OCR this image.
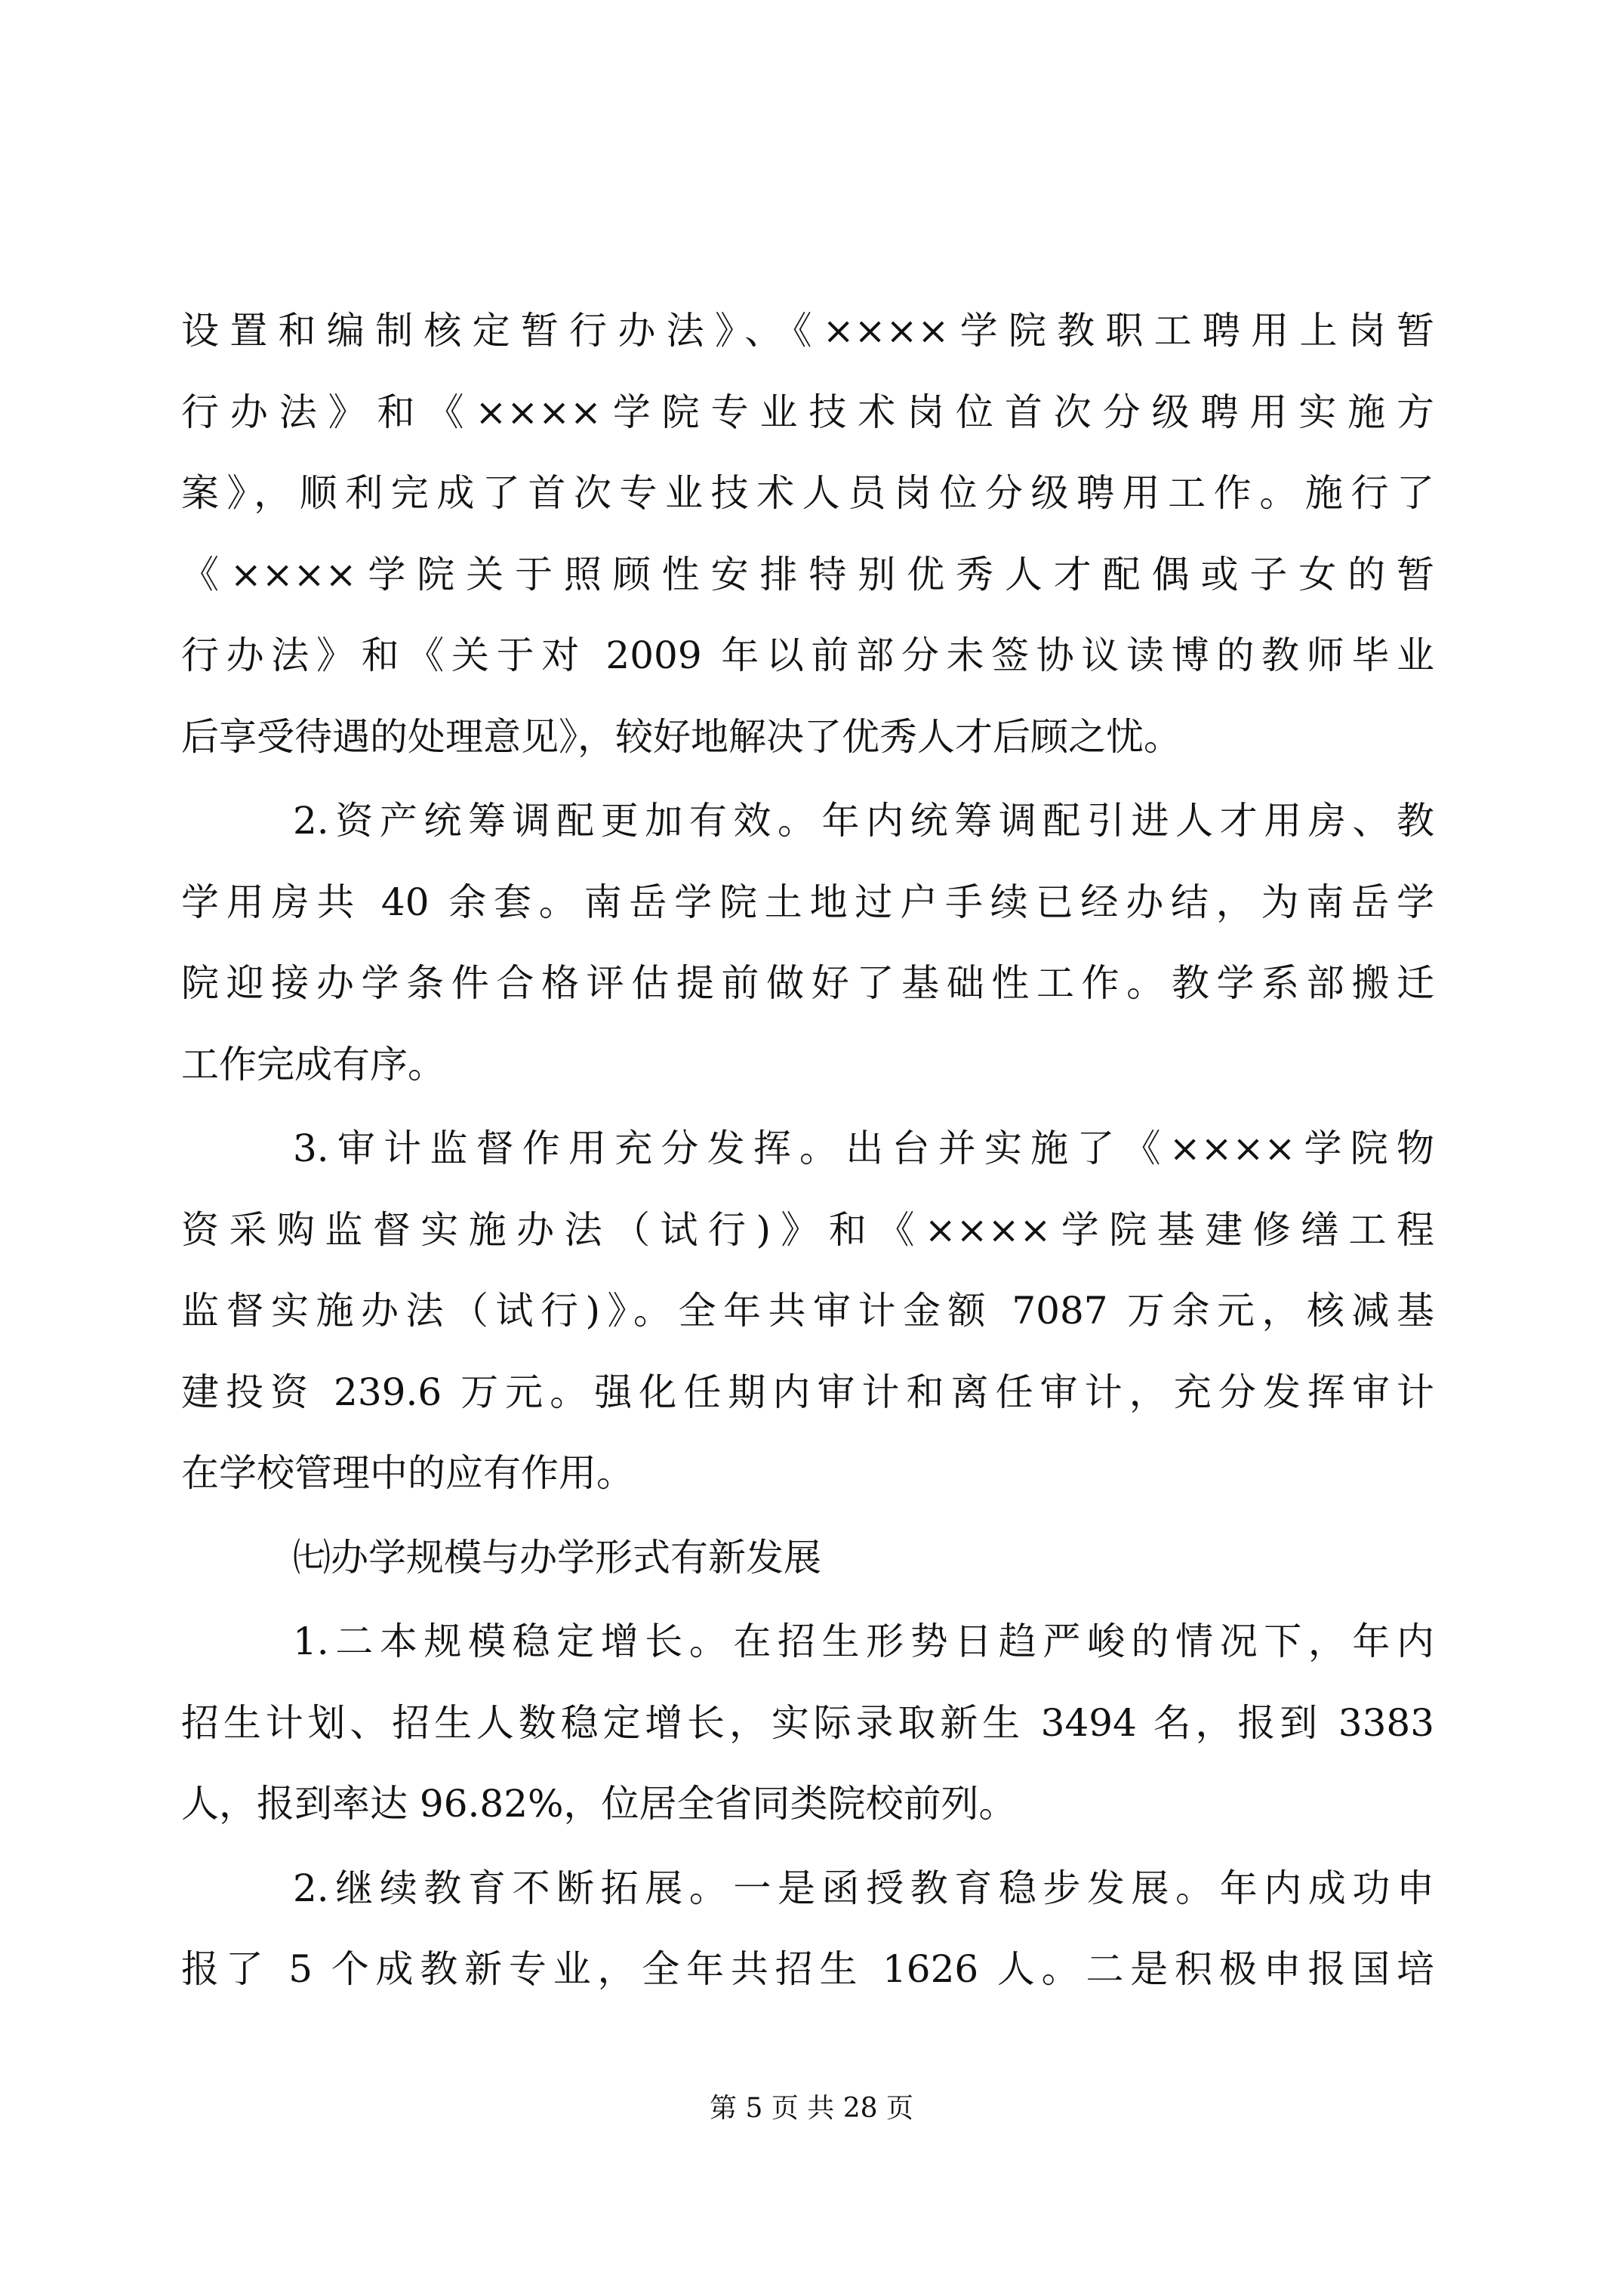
设置和编制核定暂行办法》、《××××学院教职工聘用上岗暂
行办法》和《××××学院专业技术岗位首次分级聘用实施方
案》，顺利完成了首次专业技术人员岗位分级聘用工作。施行了
《××××学院关于照顾性安排特别优秀人才配偶或子女的暂
行办法》和《关于对 2009 年以前部分未签协议读博的教师毕业
后享受待遇的处理意见》，较好地解决了优秀人才后顾之忧。
2.资产统筹调配更加有效。年内统筹调配引进人才用房、教
学用房共 40 余套。南岳学院土地过户手续已经办结，为南岳学
院迎接办学条件合格评估提前做好了基础性工作。教学系部搬迁
工作完成有序。
3.审计监督作用充分发挥。出台并实施了《××××学院物
资采购监督实施办法（试行)》和《××××学院基建修缮工程
监督实施办法（试行)》。全年共审计金额 7087 万余元，核减基
建投资 239.6 万元。强化任期内审计和离任审计，充分发挥审计
在学校管理中的应有作用。
㈦办学规模与办学形式有新发展
1.二本规模稳定增长。在招生形势日趋严峻的情况下，年内
招生计划、招生人数稳定增长，实际录取新生 3494 名，报到 3383
人，报到率达 96.82%，位居全省同类院校前列。
2.继续教育不断拓展。一是函授教育稳步发展。年内成功申
报了 5 个成教新专业，全年共招生 1626 人。二是积极申报国培
第 5 页 共 28 页
